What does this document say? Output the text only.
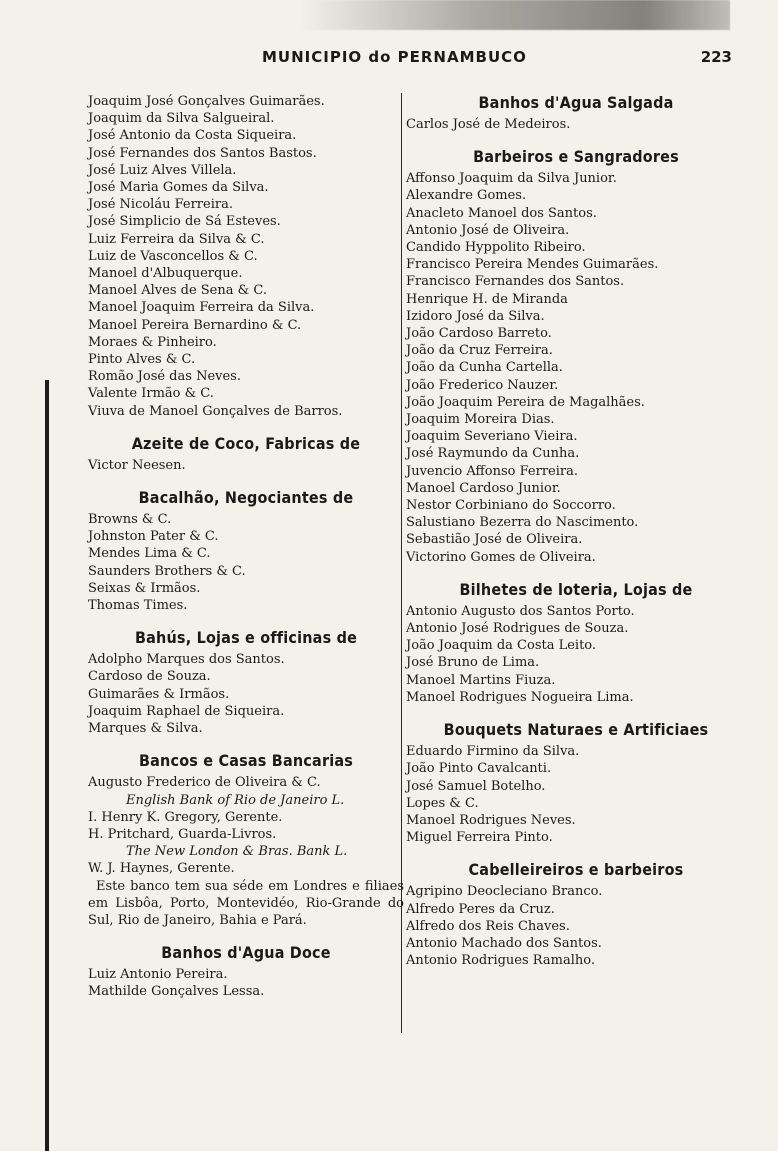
MUNICIPIO do PERNAMBUCO	223
Joaquim José Gonçalves Guimarães.
Joaquim da Silva Salgueiral.
José Antonio da Costa Siqueira.
José Fernandes dos Santos Bastos.
José Luiz Alves Villela.
José Maria Gomes da Silva.
José Nicoláu Ferreira.
José Simplicio de Sá Esteves.
Luiz Ferreira da Silva & C.
Luiz de Vasconcellos & C.
Manoel d'Albuquerque.
Manoel Alves de Sena & C.
Manoel Joaquim Ferreira da Silva.
Manoel Pereira Bernardino & C.
Moraes & Pinheiro.
Pinto Alves & C.
Romão José das Neves.
Valente Irmão & C.
Viuva de Manoel Gonçalves de Barros.
Azeite de Coco, Fabricas de
Victor Neesen.
Bacalhão, Negociantes de
Browns & C.
Johnston Pater & C.
Mendes Lima & C.
Saunders Brothers & C.
Seixas & Irmãos.
Thomas Times.
Bahús, Lojas e officinas de
Adolpho Marques dos Santos.
Cardoso de Souza.
Guimarães & Irmãos.
Joaquim Raphael de Siqueira.
Marques & Silva.
Bancos e Casas Bancarias
Augusto Frederico de Oliveira & C.
English Bank of Rio de Janeiro L.
I. Henry K. Gregory, Gerente.
H. Pritchard, Guarda-Livros.
The New London & Bras. Bank L.
W. J. Haynes, Gerente.
Este banco tem sua séde em Londres e filiaes em Lisbôa, Porto, Montevidéo, Rio-Grande do Sul, Rio de Janeiro, Bahia e Pará.
Banhos d'Agua Doce
Luiz Antonio Pereira.
Mathilde Gonçalves Lessa.
Banhos d'Agua Salgada
Carlos José de Medeiros.
Barbeiros e Sangradores
Affonso Joaquim da Silva Junior.
Alexandre Gomes.
Anacleto Manoel dos Santos.
Antonio José de Oliveira.
Candido Hyppolito Ribeiro.
Francisco Pereira Mendes Guimarães.
Francisco Fernandes dos Santos.
Henrique H. de Miranda
Izidoro José da Silva.
João Cardoso Barreto.
João da Cruz Ferreira.
João da Cunha Cartella.
João Frederico Nauzer.
João Joaquim Pereira de Magalhães.
Joaquim Moreira Dias.
Joaquim Severiano Vieira.
José Raymundo da Cunha.
Juvencio Affonso Ferreira.
Manoel Cardoso Junior.
Nestor Corbiniano do Soccorro.
Salustiano Bezerra do Nascimento.
Sebastião José de Oliveira.
Victorino Gomes de Oliveira.
Bilhetes de loteria, Lojas de
Antonio Augusto dos Santos Porto.
Antonio José Rodrigues de Souza.
João Joaquim da Costa Leito.
José Bruno de Lima.
Manoel Martins Fiuza.
Manoel Rodrigues Nogueira Lima.
Bouquets Naturaes e Artificiaes
Eduardo Firmino da Silva.
João Pinto Cavalcanti.
José Samuel Botelho.
Lopes & C.
Manoel Rodrigues Neves.
Miguel Ferreira Pinto.
Cabelleireiros e barbeiros
Agripino Deocleciano Branco.
Alfredo Peres da Cruz.
Alfredo dos Reis Chaves.
Antonio Machado dos Santos.
Antonio Rodrigues Ramalho.
